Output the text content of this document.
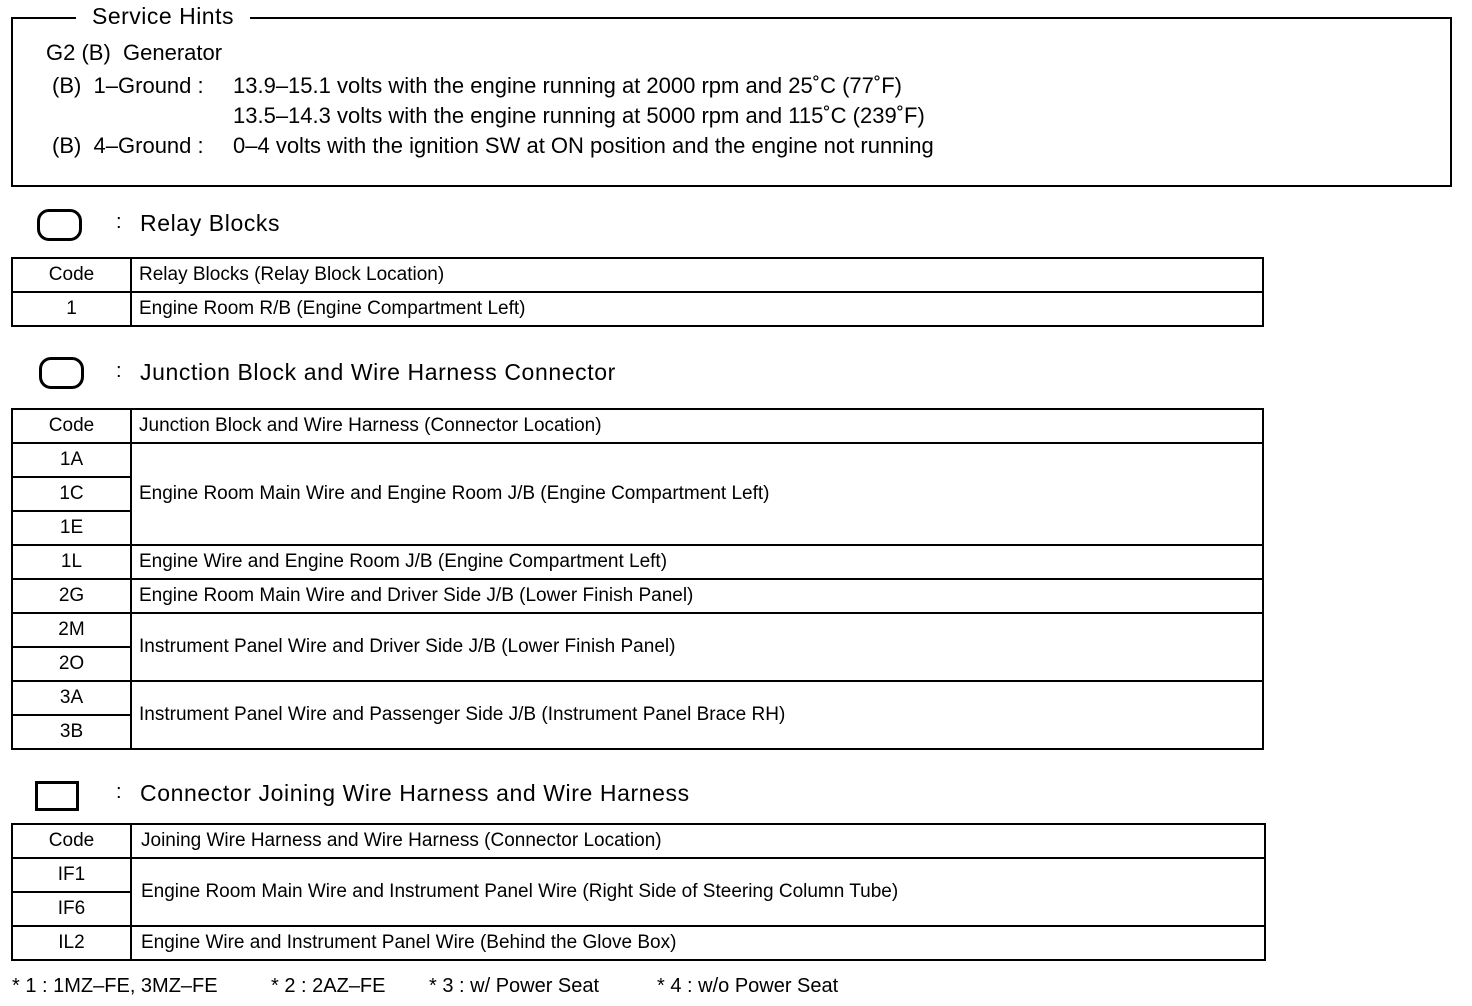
Service Hints
G2 (B)  Generator
(B)  1–Ground : 13.9–15.1 volts with the engine running at 2000 rpm and 25˚C (77˚F)
13.5–14.3 volts with the engine running at 5000 rpm and 115˚C (239˚F)
(B)  4–Ground : 0–4 volts with the ignition SW at ON position and the engine not running
: Relay Blocks
Code	Relay Blocks (Relay Block Location)
1	Engine Room R/B (Engine Compartment Left)
: Junction Block and Wire Harness Connector
Code	Junction Block and Wire Harness (Connector Location)
1A	Engine Room Main Wire and Engine Room J/B (Engine Compartment Left)
1C	
1E	
1L	Engine Wire and Engine Room J/B (Engine Compartment Left)
2G	Engine Room Main Wire and Driver Side J/B (Lower Finish Panel)
2M	Instrument Panel Wire and Driver Side J/B (Lower Finish Panel)
2O	
3A	Instrument Panel Wire and Passenger Side J/B (Instrument Panel Brace RH)
3B	
: Connector Joining Wire Harness and Wire Harness
Code	Joining Wire Harness and Wire Harness (Connector Location)
IF1	Engine Room Main Wire and Instrument Panel Wire (Right Side of Steering Column Tube)
IF6	
IL2	Engine Wire and Instrument Panel Wire (Behind the Glove Box)
* 1 : 1MZ–FE, 3MZ–FE	* 2 : 2AZ–FE * 3 : w/ Power Seat	* 4 : w/o Power Seat
